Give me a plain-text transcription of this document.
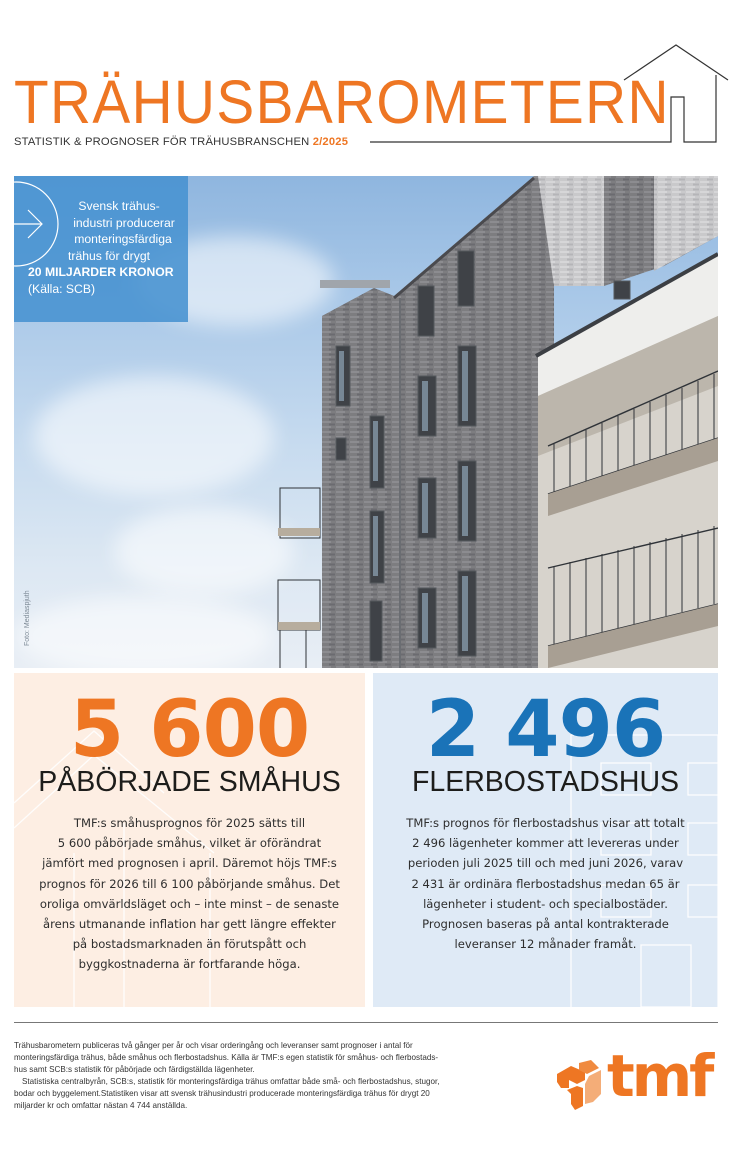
TRÄHUSBAROMETERN
STATISTIK & PROGNOSER FÖR TRÄHUSBRANSCHEN 2/2025
Foto: Mediaspjuth
Svensk trähus-
industri producerar
monteringsfärdiga
trähus för drygt
20 MILJARDER KRONOR
(Källa: SCB)
5 600
PÅBÖRJADE SMÅHUS
TMF:s småhusprognos för 2025 sätts till
5 600 påbörjade småhus, vilket är oförändrat
jämfört med prognosen i april. Däremot höjs TMF:s
prognos för 2026 till 6 100 påbörjande småhus. Det
oroliga omvärldsläget och – inte minst – de senaste
årens utmanande inflation har gett längre effekter
på bostadsmarknaden än förutspått och
byggkostnaderna är fortfarande höga.
2 496
FLERBOSTADSHUS
TMF:s prognos för flerbostadshus visar att totalt
2 496 lägenheter kommer att levereras under
perioden juli 2025 till och med juni 2026, varav
2 431 är ordinära flerbostadshus medan 65 är
lägenheter i student- och specialbostäder.
Prognosen baseras på antal kontrakterade
leveranser 12 månader framåt.
Trähusbarometern publiceras två gånger per år och visar orderingång och leveranser samt prognoser i antal för
monteringsfärdiga trähus, både småhus och flerbostadshus. Källa är TMF:s egen statistik för småhus- och flerbostads-
hus samt SCB:s statistik för påbörjade och färdigställda lägenheter.
Statistiska centralbyrån, SCB:s, statistik för monteringsfärdiga trähus omfattar både små- och flerbostadshus, stugor,
bodar och byggelement.Statistiken visar att svensk trähusindustri producerade monteringsfärdiga trähus för drygt 20
miljarder kr och omfattar nästan 4 744 anställda.	tmf
